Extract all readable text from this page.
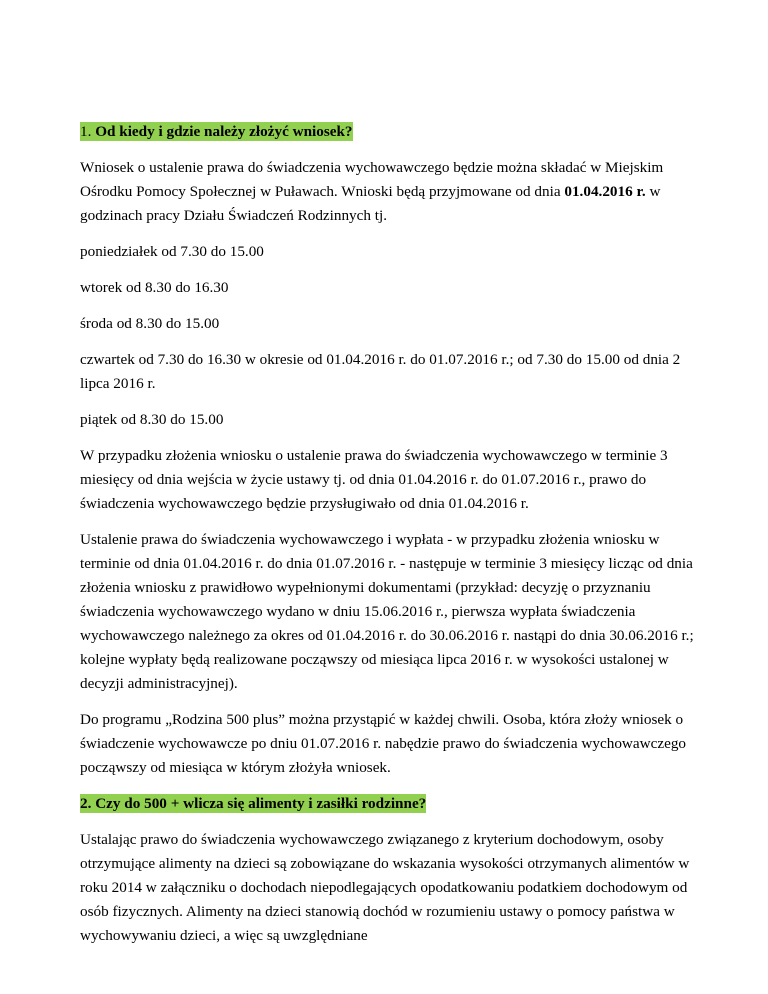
1. Od kiedy i gdzie należy złożyć wniosek?

Wniosek o ustalenie prawa do świadczenia wychowawczego będzie można składać w Miejskim Ośrodku Pomocy Społecznej w Puławach. Wnioski będą przyjmowane od dnia 01.04.2016 r. w godzinach pracy Działu Świadczeń Rodzinnych tj.

poniedziałek od 7.30 do 15.00

wtorek od 8.30 do 16.30

środa od 8.30 do 15.00

czwartek od 7.30 do 16.30 w okresie od 01.04.2016 r. do 01.07.2016 r.; od 7.30 do 15.00 od dnia 2 lipca 2016 r.

piątek od 8.30 do 15.00

W przypadku złożenia wniosku o ustalenie prawa do świadczenia wychowawczego w terminie 3 miesięcy od dnia wejścia w życie ustawy tj. od dnia 01.04.2016 r. do 01.07.2016 r., prawo do świadczenia wychowawczego będzie przysługiwało od dnia 01.04.2016 r.

Ustalenie prawa do świadczenia wychowawczego i wypłata - w przypadku złożenia wniosku w terminie od dnia 01.04.2016 r. do dnia 01.07.2016 r. - następuje w terminie 3 miesięcy licząc od dnia złożenia wniosku z prawidłowo wypełnionymi dokumentami (przykład: decyzję o przyznaniu świadczenia wychowawczego wydano w dniu 15.06.2016 r., pierwsza wypłata świadczenia wychowawczego należnego za okres od 01.04.2016 r. do 30.06.2016 r. nastąpi do dnia 30.06.2016 r.; kolejne wypłaty będą realizowane począwszy od miesiąca lipca 2016 r. w wysokości ustalonej w decyzji administracyjnej).

Do programu „Rodzina 500 plus” można przystąpić w każdej chwili. Osoba, która złoży wniosek o świadczenie wychowawcze po dniu 01.07.2016 r. nabędzie prawo do świadczenia wychowawczego począwszy od miesiąca w którym złożyła wniosek.

2. Czy do 500 + wlicza się alimenty i zasiłki rodzinne?

Ustalając prawo do świadczenia wychowawczego związanego z kryterium dochodowym, osoby otrzymujące alimenty na dzieci są zobowiązane do wskazania wysokości otrzymanych alimentów w roku 2014 w załączniku o dochodach niepodlegających opodatkowaniu podatkiem dochodowym od osób fizycznych. Alimenty na dzieci stanowią dochód w rozumieniu ustawy o pomocy państwa w wychowywaniu dzieci, a więc są uwzględniane
